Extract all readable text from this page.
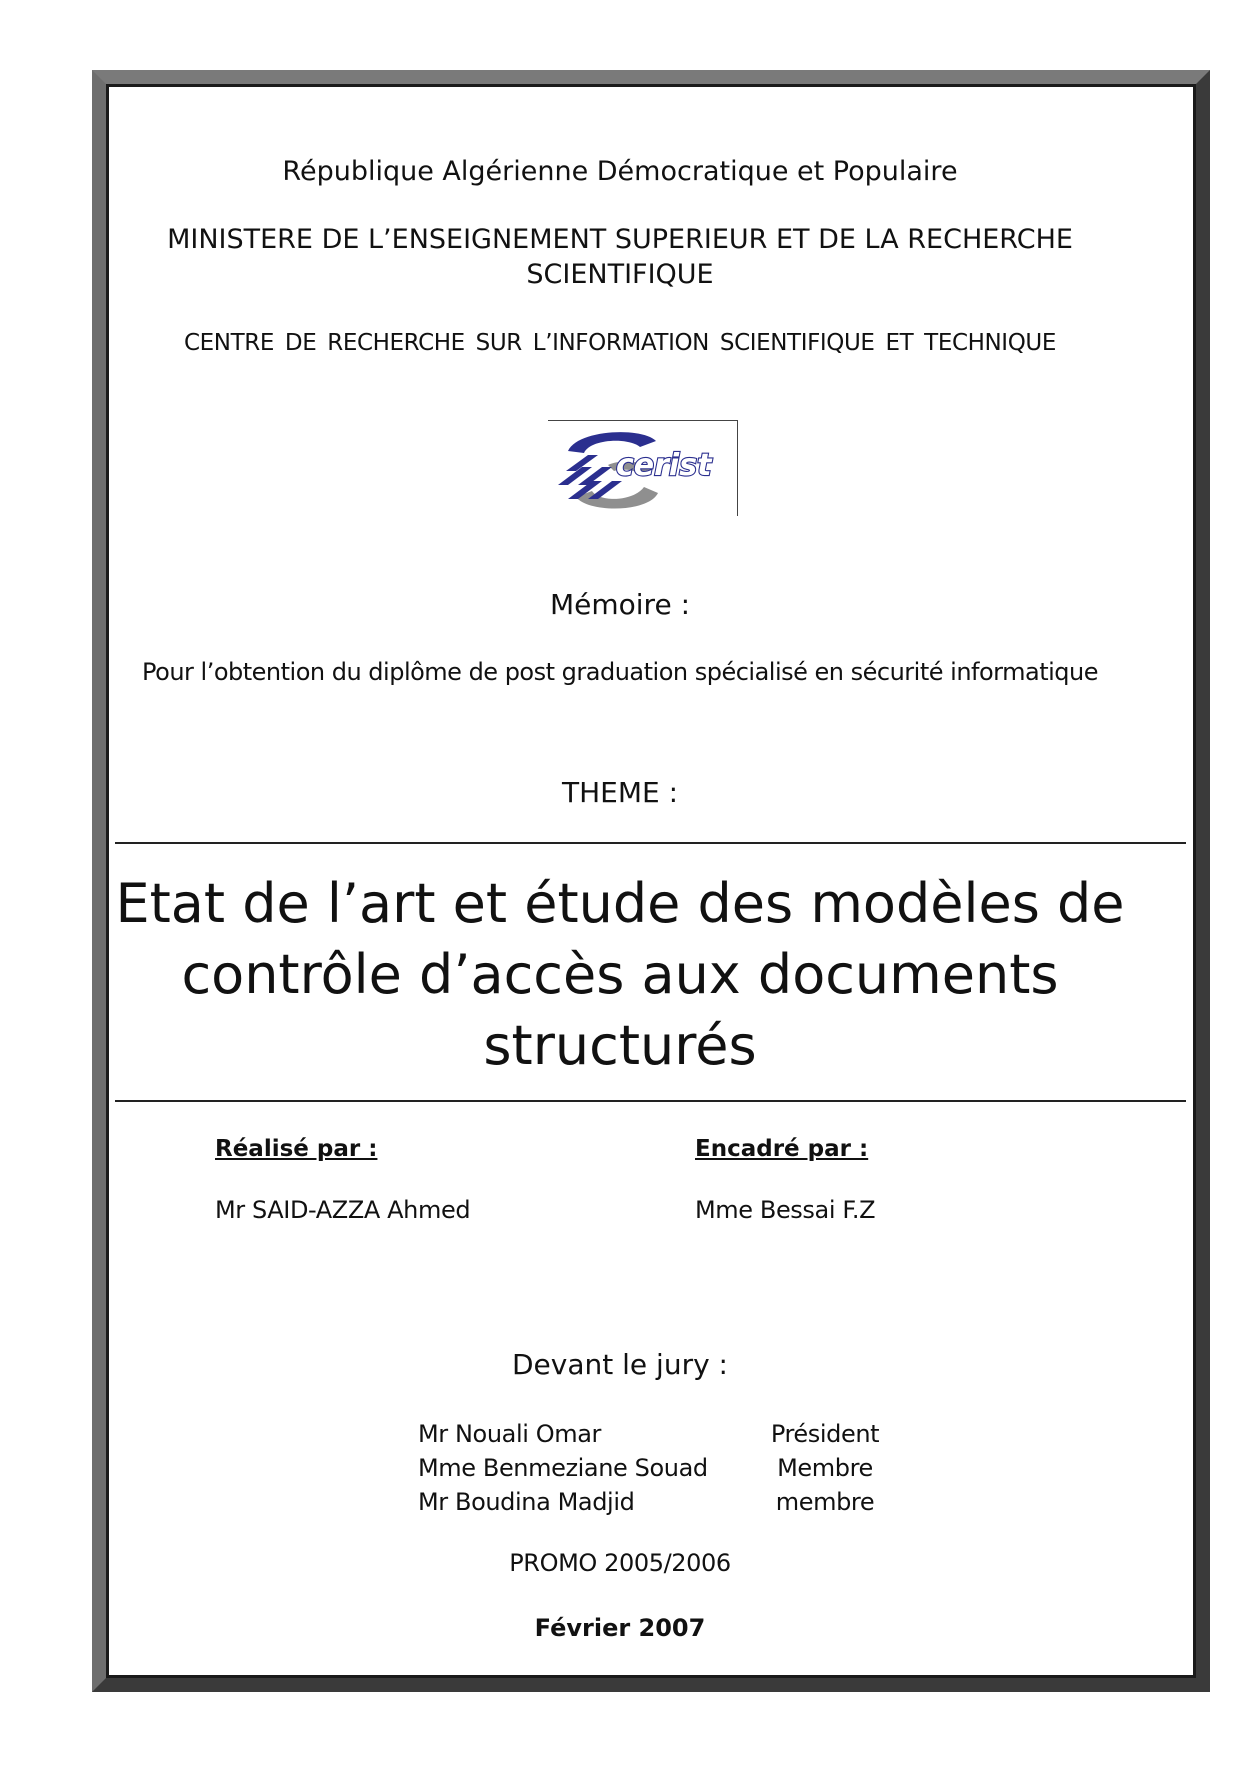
République Algérienne Démocratique et Populaire
MINISTERE DE L’ENSEIGNEMENT SUPERIEUR ET DE LA RECHERCHE
SCIENTIFIQUE
CENTRE DE RECHERCHE SUR L’INFORMATION SCIENTIFIQUE ET TECHNIQUE
cerist
Mémoire :
Pour l’obtention du diplôme de post graduation spécialisé en sécurité informatique
THEME :
Etat de l’art et étude des modèles de
contrôle d’accès aux documents
structurés
Réalisé par :	Encadré par :
Mr SAID-AZZA Ahmed	Mme Bessai F.Z
Devant le jury :
Mr Nouali Omar
Mme Benmeziane Souad
Mr Boudina Madjid
Président
Membre
membre
PROMO 2005/2006
Février 2007
